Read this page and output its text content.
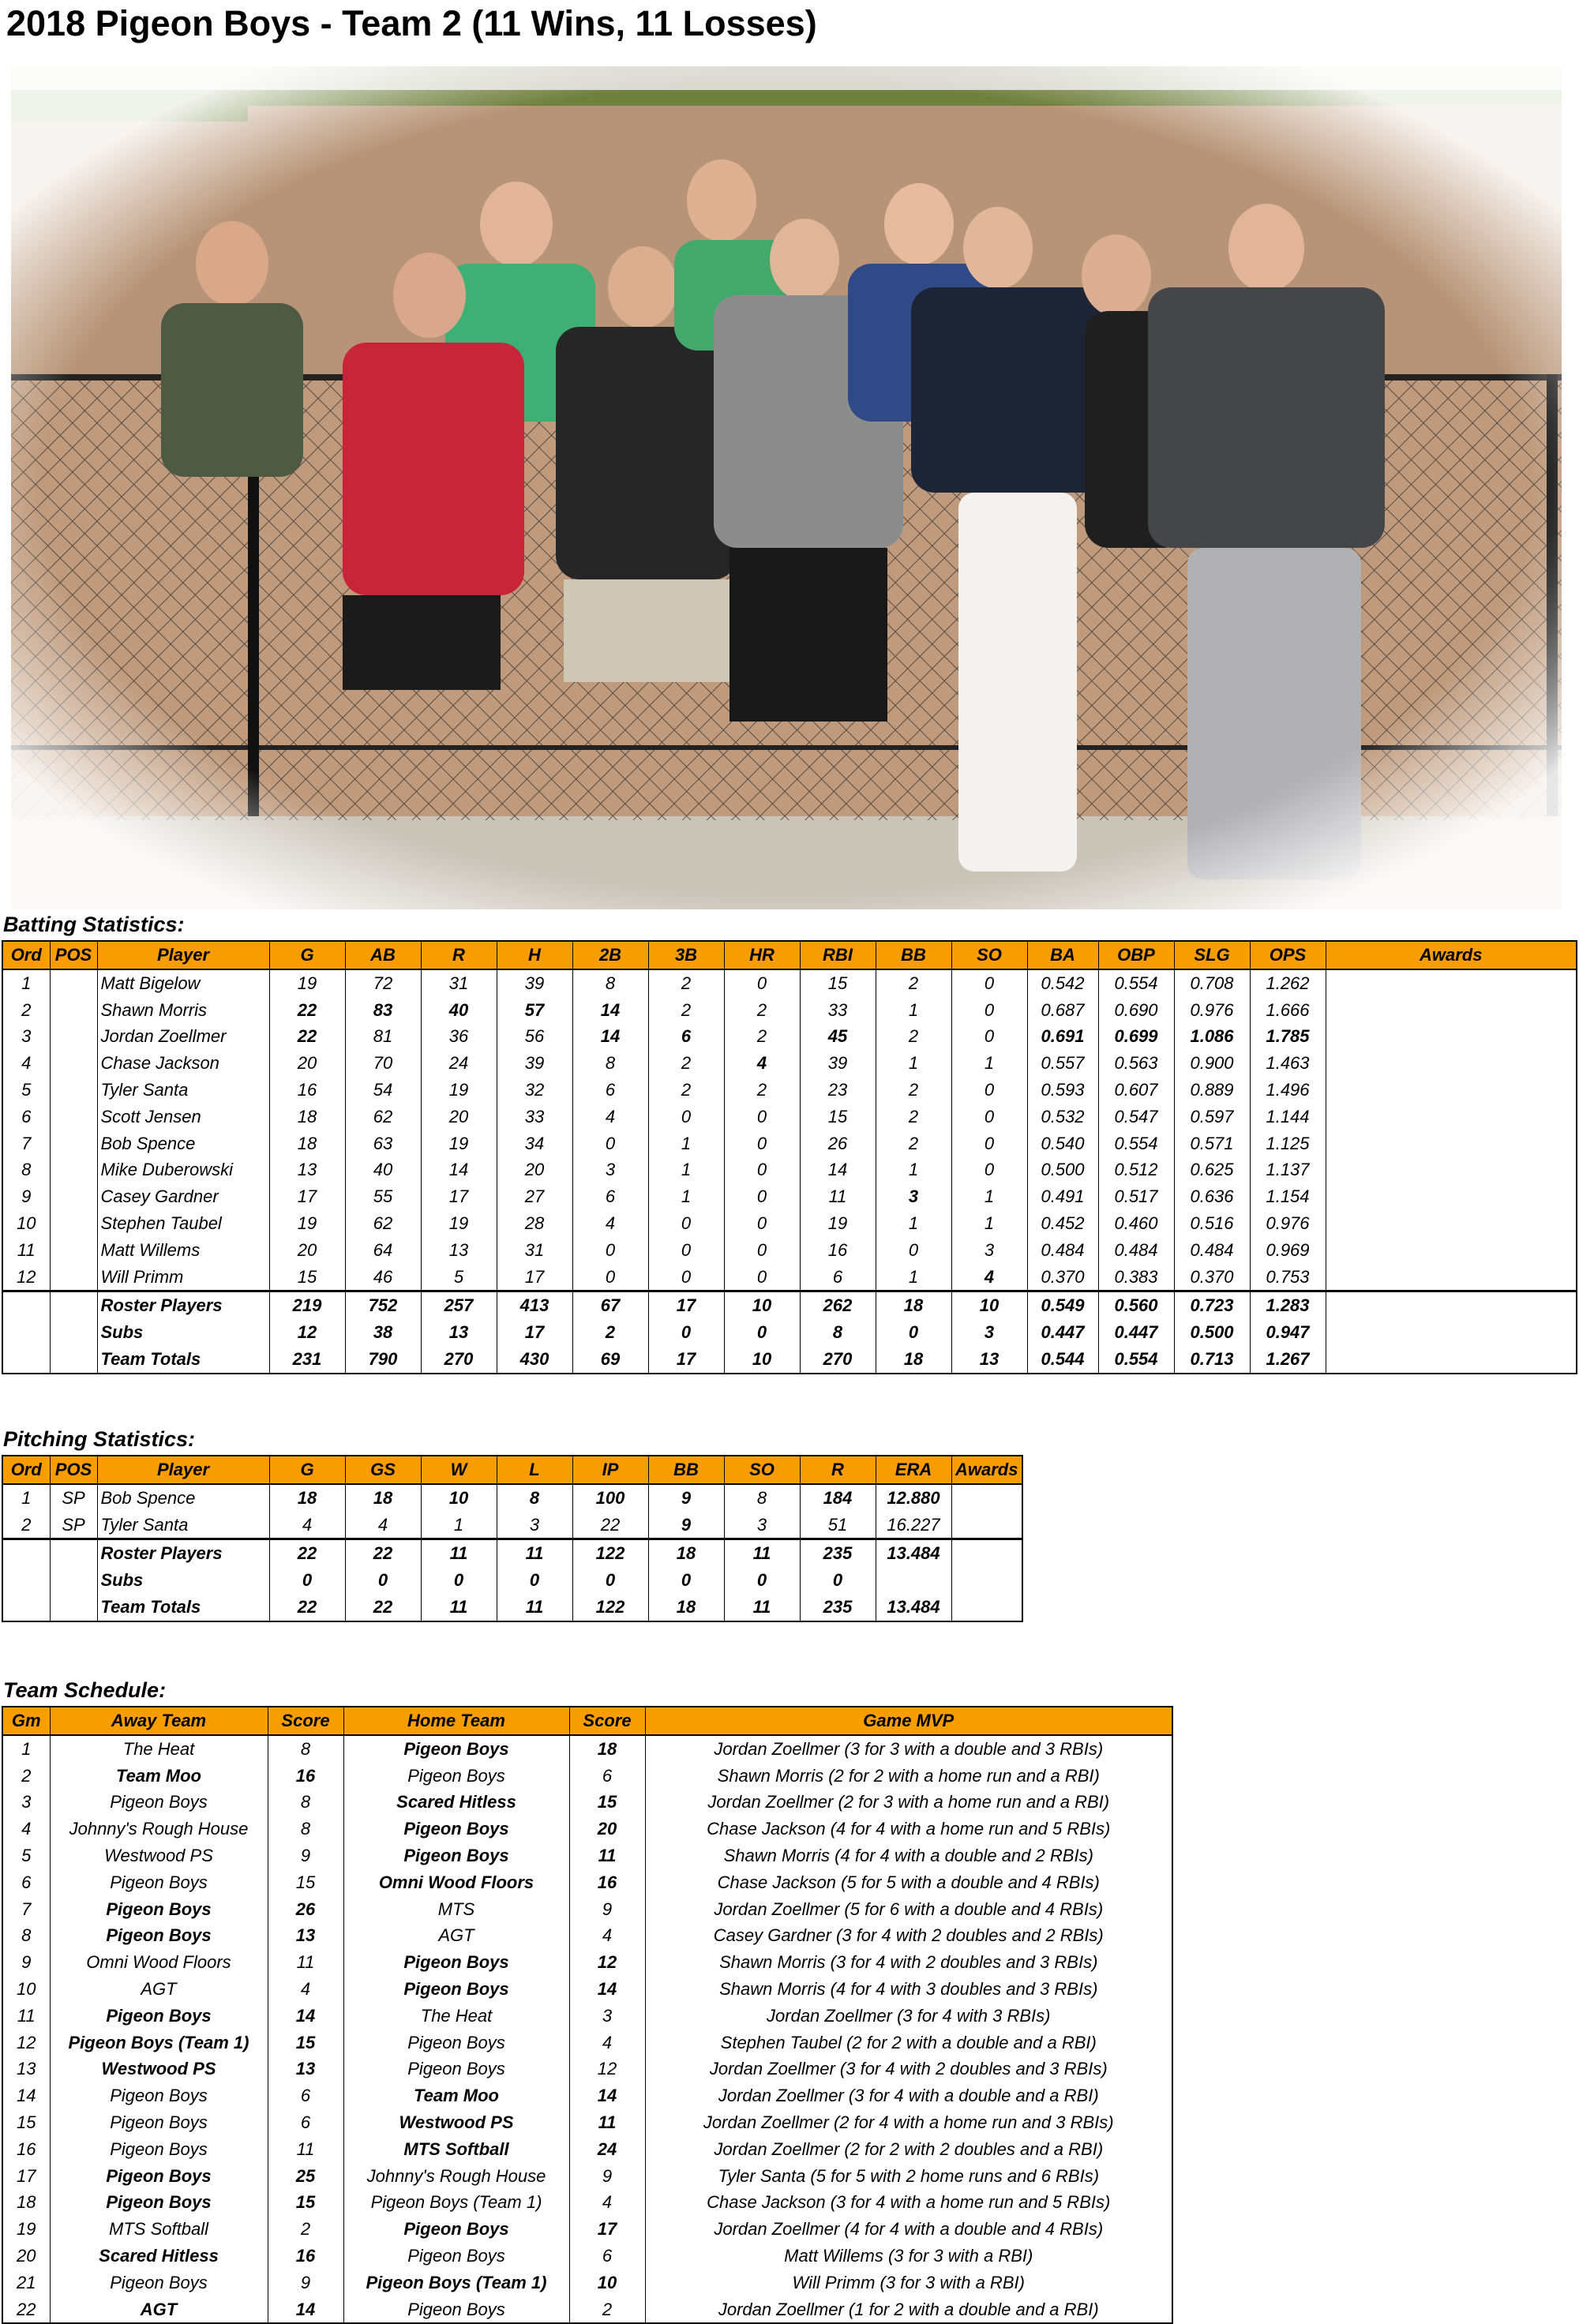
2018 Pigeon Boys - Team 2 (11 Wins, 11 Losses)
Batting Statistics:
Ord	POS	Player	G	AB	R	H	2B	3B	HR	RBI	BB	SO	BA	OBP	SLG	OPS	Awards
1		Matt Bigelow	19	72	31	39	8	2	0	15	2	0	0.542	0.554	0.708	1.262	
2		Shawn Morris	22	83	40	57	14	2	2	33	1	0	0.687	0.690	0.976	1.666	
3		Jordan Zoellmer	22	81	36	56	14	6	2	45	2	0	0.691	0.699	1.086	1.785	
4		Chase Jackson	20	70	24	39	8	2	4	39	1	1	0.557	0.563	0.900	1.463	
5		Tyler Santa	16	54	19	32	6	2	2	23	2	0	0.593	0.607	0.889	1.496	
6		Scott Jensen	18	62	20	33	4	0	0	15	2	0	0.532	0.547	0.597	1.144	
7		Bob Spence	18	63	19	34	0	1	0	26	2	0	0.540	0.554	0.571	1.125	
8		Mike Duberowski	13	40	14	20	3	1	0	14	1	0	0.500	0.512	0.625	1.137	
9		Casey Gardner	17	55	17	27	6	1	0	11	3	1	0.491	0.517	0.636	1.154	
10		Stephen Taubel	19	62	19	28	4	0	0	19	1	1	0.452	0.460	0.516	0.976	
11		Matt Willems	20	64	13	31	0	0	0	16	0	3	0.484	0.484	0.484	0.969	
12		Will Primm	15	46	5	17	0	0	0	6	1	4	0.370	0.383	0.370	0.753	
		Roster Players	219	752	257	413	67	17	10	262	18	10	0.549	0.560	0.723	1.283	
		Subs	12	38	13	17	2	0	0	8	0	3	0.447	0.447	0.500	0.947	
		Team Totals	231	790	270	430	69	17	10	270	18	13	0.544	0.554	0.713	1.267	
Pitching Statistics:
Ord	POS	Player	G	GS	W	L	IP	BB	SO	R	ERA	Awards
1	SP	Bob Spence	18	18	10	8	100	9	8	184	12.880	
2	SP	Tyler Santa	4	4	1	3	22	9	3	51	16.227	
		Roster Players	22	22	11	11	122	18	11	235	13.484	
		Subs	0	0	0	0	0	0	0	0		
		Team Totals	22	22	11	11	122	18	11	235	13.484	
Team Schedule:
Gm	Away Team	Score	Home Team	Score	Game MVP
1	The Heat	8	Pigeon Boys	18	Jordan Zoellmer (3 for 3 with a double and 3 RBIs)
2	Team Moo	16	Pigeon Boys	6	Shawn Morris (2 for 2 with a home run and a RBI)
3	Pigeon Boys	8	Scared Hitless	15	Jordan Zoellmer (2 for 3 with a home run and a RBI)
4	Johnny's Rough House	8	Pigeon Boys	20	Chase Jackson (4 for 4 with a home run and 5 RBIs)
5	Westwood PS	9	Pigeon Boys	11	Shawn Morris (4 for 4 with a double and 2 RBIs)
6	Pigeon Boys	15	Omni Wood Floors	16	Chase Jackson (5 for 5 with a double and 4 RBIs)
7	Pigeon Boys	26	MTS	9	Jordan Zoellmer (5 for 6 with a double and 4 RBIs)
8	Pigeon Boys	13	AGT	4	Casey Gardner (3 for 4 with 2 doubles and 2 RBIs)
9	Omni Wood Floors	11	Pigeon Boys	12	Shawn Morris (3 for 4 with 2 doubles and 3 RBIs)
10	AGT	4	Pigeon Boys	14	Shawn Morris (4 for 4 with 3 doubles and 3 RBIs)
11	Pigeon Boys	14	The Heat	3	Jordan Zoellmer (3 for 4 with 3 RBIs)
12	Pigeon Boys (Team 1)	15	Pigeon Boys	4	Stephen Taubel (2 for 2 with a double and a RBI)
13	Westwood PS	13	Pigeon Boys	12	Jordan Zoellmer (3 for 4 with 2 doubles and 3 RBIs)
14	Pigeon Boys	6	Team Moo	14	Jordan Zoellmer (3 for 4 with a double and a RBI)
15	Pigeon Boys	6	Westwood PS	11	Jordan Zoellmer (2 for 4 with a home run and 3 RBIs)
16	Pigeon Boys	11	MTS Softball	24	Jordan Zoellmer (2 for 2 with 2 doubles and a RBI)
17	Pigeon Boys	25	Johnny's Rough House	9	Tyler Santa (5 for 5 with 2 home runs and 6 RBIs)
18	Pigeon Boys	15	Pigeon Boys (Team 1)	4	Chase Jackson (3 for 4 with a home run and 5 RBIs)
19	MTS Softball	2	Pigeon Boys	17	Jordan Zoellmer (4 for 4 with a double and 4 RBIs)
20	Scared Hitless	16	Pigeon Boys	6	Matt Willems (3 for 3 with a RBI)
21	Pigeon Boys	9	Pigeon Boys (Team 1)	10	Will Primm (3 for 3 with a RBI)
22	AGT	14	Pigeon Boys	2	Jordan Zoellmer (1 for 2 with a double and a RBI)
